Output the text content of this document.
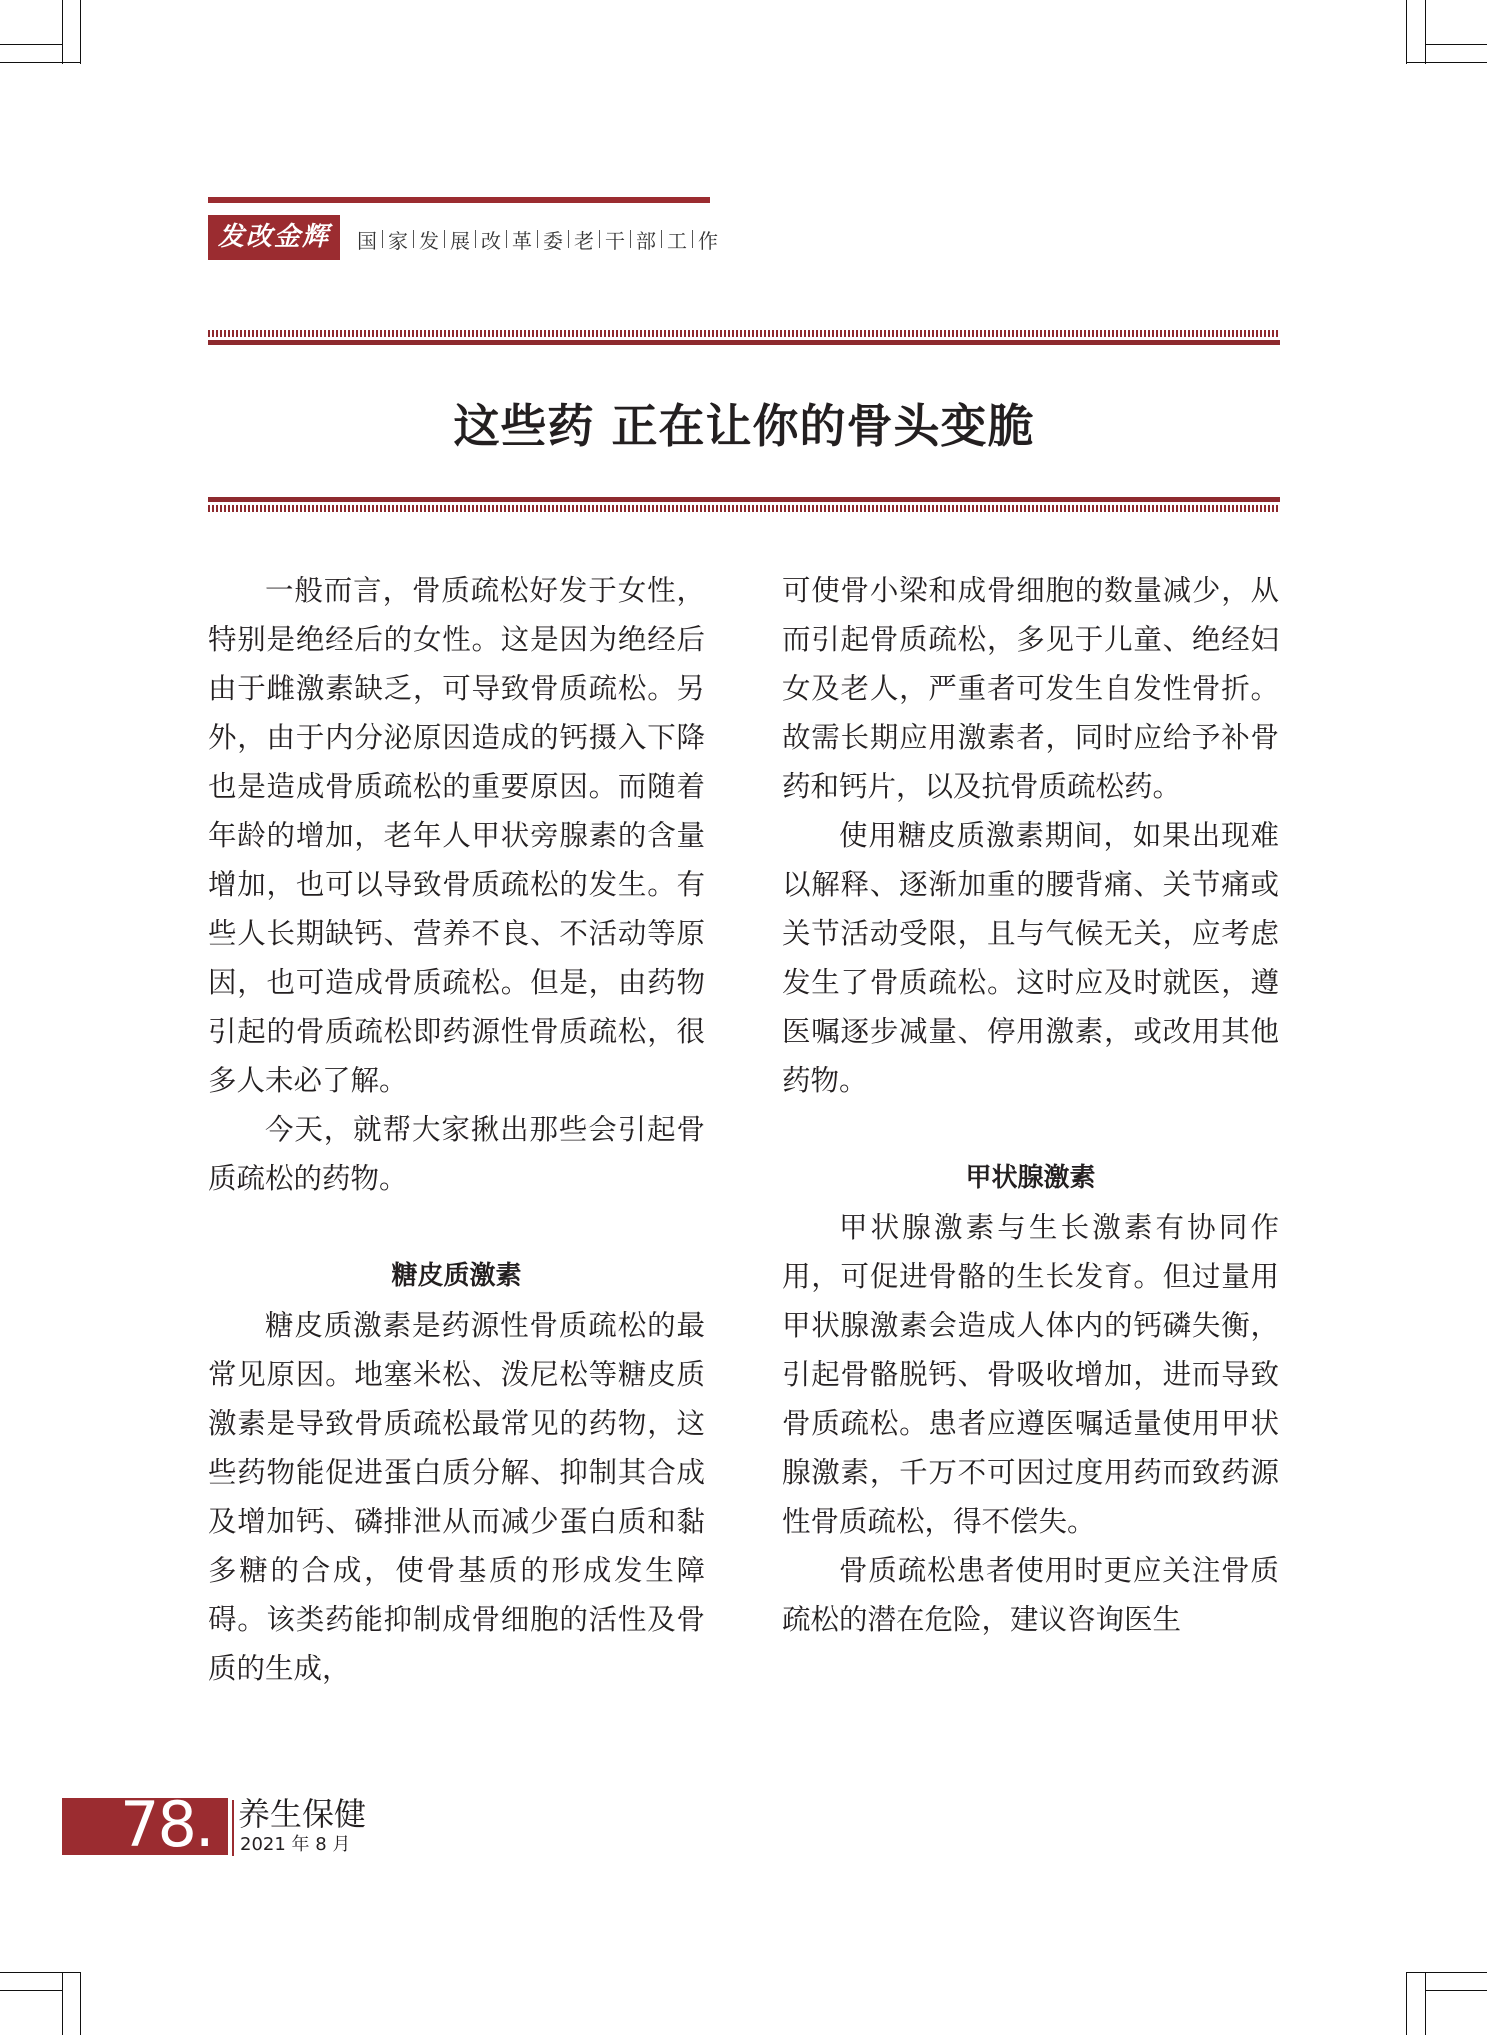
发改金辉	国 家 发 展 改 革 委 老 干 部 工 作
这些药 正在让你的骨头变脆

一般而言，骨质疏松好发于女性，特别是绝经后的女性。这是因为绝经后由于雌激素缺乏，可导致骨质疏松。另外，由于内分泌原因造成的钙摄入下降也是造成骨质疏松的重要原因。而随着年龄的增加，老年人甲状旁腺素的含量增加，也可以导致骨质疏松的发生。有些人长期缺钙、营养不良、不活动等原因，也可造成骨质疏松。但是，由药物引起的骨质疏松即药源性骨质疏松，很多人未必了解。

今天，就帮大家揪出那些会引起骨质疏松的药物。

糖皮质激素

糖皮质激素是药源性骨质疏松的最常见原因。地塞米松、泼尼松等糖皮质激素是导致骨质疏松最常见的药物，这些药物能促进蛋白质分解、抑制其合成及增加钙、磷排泄从而减少蛋白质和黏多糖的合成，使骨基质的形成发生障碍。该类药能抑制成骨细胞的活性及骨质的生成，

可使骨小梁和成骨细胞的数量减少，从而引起骨质疏松，多见于儿童、绝经妇女及老人，严重者可发生自发性骨折。故需长期应用激素者，同时应给予补骨药和钙片，以及抗骨质疏松药。

使用糖皮质激素期间，如果出现难以解释、逐渐加重的腰背痛、关节痛或关节活动受限，且与气候无关，应考虑发生了骨质疏松。这时应及时就医，遵医嘱逐步减量、停用激素，或改用其他药物。

甲状腺激素

甲状腺激素与生长激素有协同作用，可促进骨骼的生长发育。但过量用甲状腺激素会造成人体内的钙磷失衡，引起骨骼脱钙、骨吸收增加，进而导致骨质疏松。患者应遵医嘱适量使用甲状腺激素，千万不可因过度用药而致药源性骨质疏松，得不偿失。

骨质疏松患者使用时更应关注骨质疏松的潜在危险，建议咨询医生

78. 养生保健
2021 年 8 月
